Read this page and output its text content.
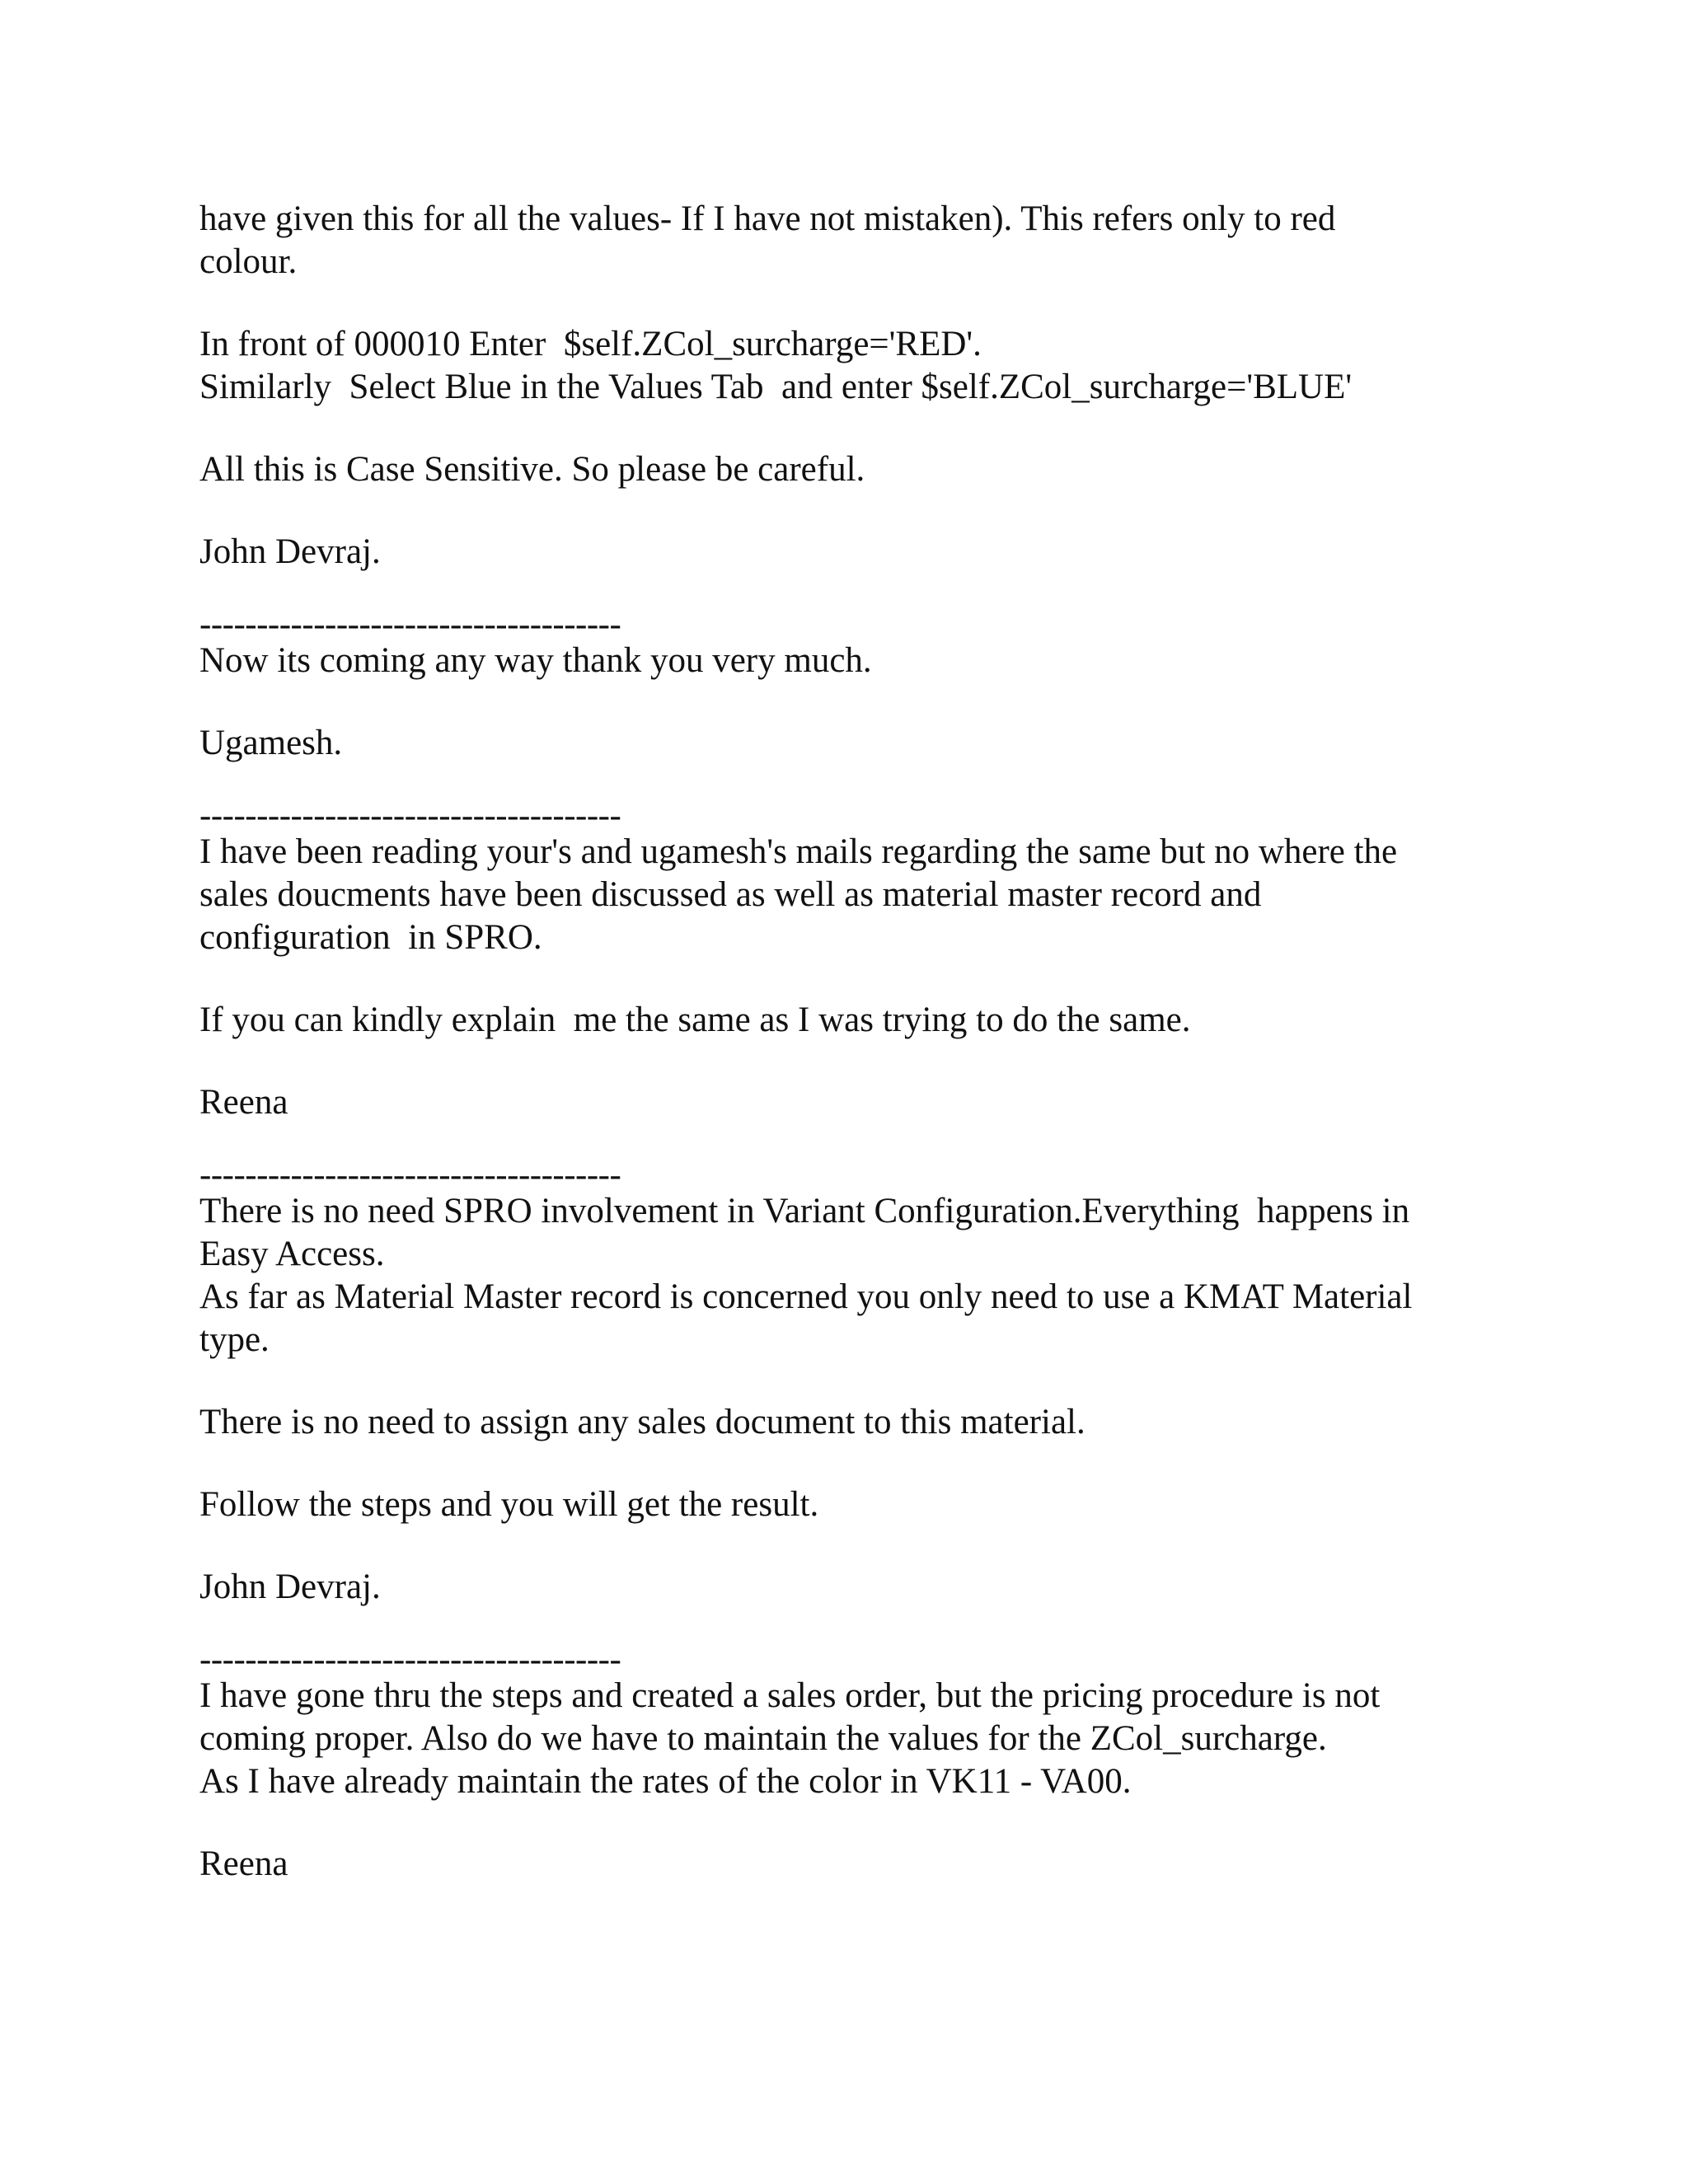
have given this for all the values- If I have not mistaken). This refers only to red

colour.

In front of 000010 Enter  $self.ZCol_surcharge='RED'.

Similarly  Select Blue in the Values Tab  and enter $self.ZCol_surcharge='BLUE'

All this is Case Sensitive. So please be careful.

John Devraj.

-------------------------------------

Now its coming any way thank you very much.

Ugamesh.

-------------------------------------

I have been reading your's and ugamesh's mails regarding the same but no where the

sales doucments have been discussed as well as material master record and

configuration  in SPRO.

If you can kindly explain  me the same as I was trying to do the same.

Reena

-------------------------------------

There is no need SPRO involvement in Variant Configuration.Everything  happens in

Easy Access.

As far as Material Master record is concerned you only need to use a KMAT Material

type.

There is no need to assign any sales document to this material.

Follow the steps and you will get the result.

John Devraj.

-------------------------------------

I have gone thru the steps and created a sales order, but the pricing procedure is not

coming proper. Also do we have to maintain the values for the ZCol_surcharge.

As I have already maintain the rates of the color in VK11 - VA00.

Reena
